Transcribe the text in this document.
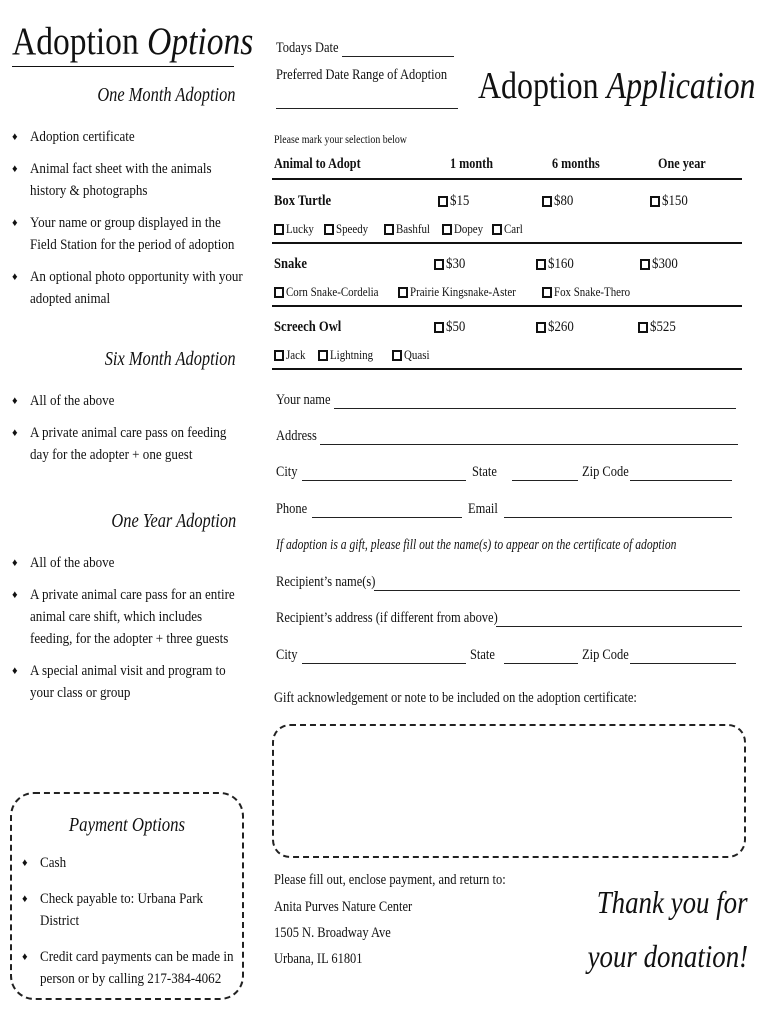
Adoption Options
One Month Adoption
♦ Adoption certificate
♦ Animal fact sheet with the animals history & photographs
♦ Your name or group displayed in the Field Station for the period of adoption
♦ An optional photo opportunity with your adopted animal
Six Month Adoption
♦ All of the above
♦ A private animal care pass on feeding day for the adopter + one guest
One Year Adoption
♦ All of the above
♦ A private animal care pass for an entire animal care shift, which includes feeding, for the adopter + three guests
♦ A special animal visit and program to your class or group
Payment Options
♦ Cash
♦ Check payable to: Urbana Park District
♦ Credit card payments can be made in person or by calling 217-384-4062
Todays Date
Preferred Date Range of Adoption Adoption Application
Please mark your selection below
Animal to Adopt	1 month	6 months	One year
Box Turtle	$15	$80	$150
Lucky Speedy Bashful Dopey Carl
Snake	$30	$160	$300
Corn Snake-Cordelia Prairie Kingsnake-Aster	Fox Snake-Thero
Screech Owl	$50	$260	$525
Jack Lightning Quasi
Your name
Address
City	State	Zip Code
Phone	Email
If adoption is a gift, please fill out the name(s) to appear on the certificate of adoption
Recipient’s name(s)
Recipient’s address (if different from above)
City	State	Zip Code
Gift acknowledgement or note to be included on the adoption certificate:
Please fill out, enclose payment, and return to:
Anita Purves Nature Center
1505 N. Broadway Ave
Urbana, IL 61801
Thank you for
your donation!
